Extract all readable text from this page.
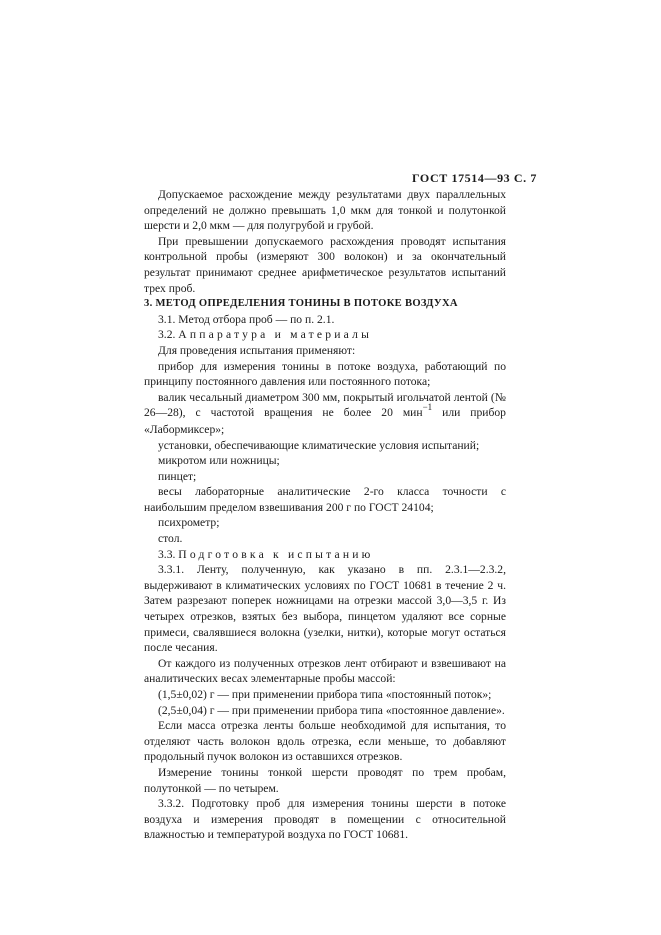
ГОСТ 17514—93 С. 7

Допускаемое расхождение между результатами двух параллельных определений не должно превышать 1,0 мкм для тонкой и полутонкой шерсти и 2,0 мкм — для полугрубой и грубой.

При превышении допускаемого расхождения проводят испытания контрольной пробы (измеряют 300 волокон) и за окончательный результат принимают среднее арифметическое результатов испытаний трех проб.

3. МЕТОД ОПРЕДЕЛЕНИЯ ТОНИНЫ В ПОТОКЕ ВОЗДУХА

3.1. Метод отбора проб — по п. 2.1.

3.2. Аппаратура и материалы

Для проведения испытания применяют:

прибор для измерения тонины в потоке воздуха, работающий по принципу постоянного давления или постоянного потока;

валик чесальный диаметром 300 мм, покрытый игольчатой лентой (№ 26—28), с частотой вращения не более 20 мин$^{-1}$ или прибор «Лабормиксер»;

установки, обеспечивающие климатические условия испытаний;

микротом или ножницы;

пинцет;

весы лабораторные аналитические 2-го класса точности с наибольшим пределом взвешивания 200 г по ГОСТ 24104;

психрометр;

стол.

3.3. Подготовка к испытанию

3.3.1. Ленту, полученную, как указано в пп. 2.3.1—2.3.2, выдерживают в климатических условиях по ГОСТ 10681 в течение 2 ч. Затем разрезают поперек ножницами на отрезки массой 3,0—3,5 г. Из четырех отрезков, взятых без выбора, пинцетом удаляют все сорные примеси, свалявшиеся волокна (узелки, нитки), которые могут остаться после чесания.

От каждого из полученных отрезков лент отбирают и взвешивают на аналитических весах элементарные пробы массой:

(1,5±0,02) г — при применении прибора типа «постоянный поток»;

(2,5±0,04) г — при применении прибора типа «постоянное давление».

Если масса отрезка ленты больше необходимой для испытания, то отделяют часть волокон вдоль отрезка, если меньше, то добавляют продольный пучок волокон из оставшихся отрезков.

Измерение тонины тонкой шерсти проводят по трем пробам, полутонкой — по четырем.

3.3.2. Подготовку проб для измерения тонины шерсти в потоке воздуха и измерения проводят в помещении с относительной влажностью и температурой воздуха по ГОСТ 10681.
